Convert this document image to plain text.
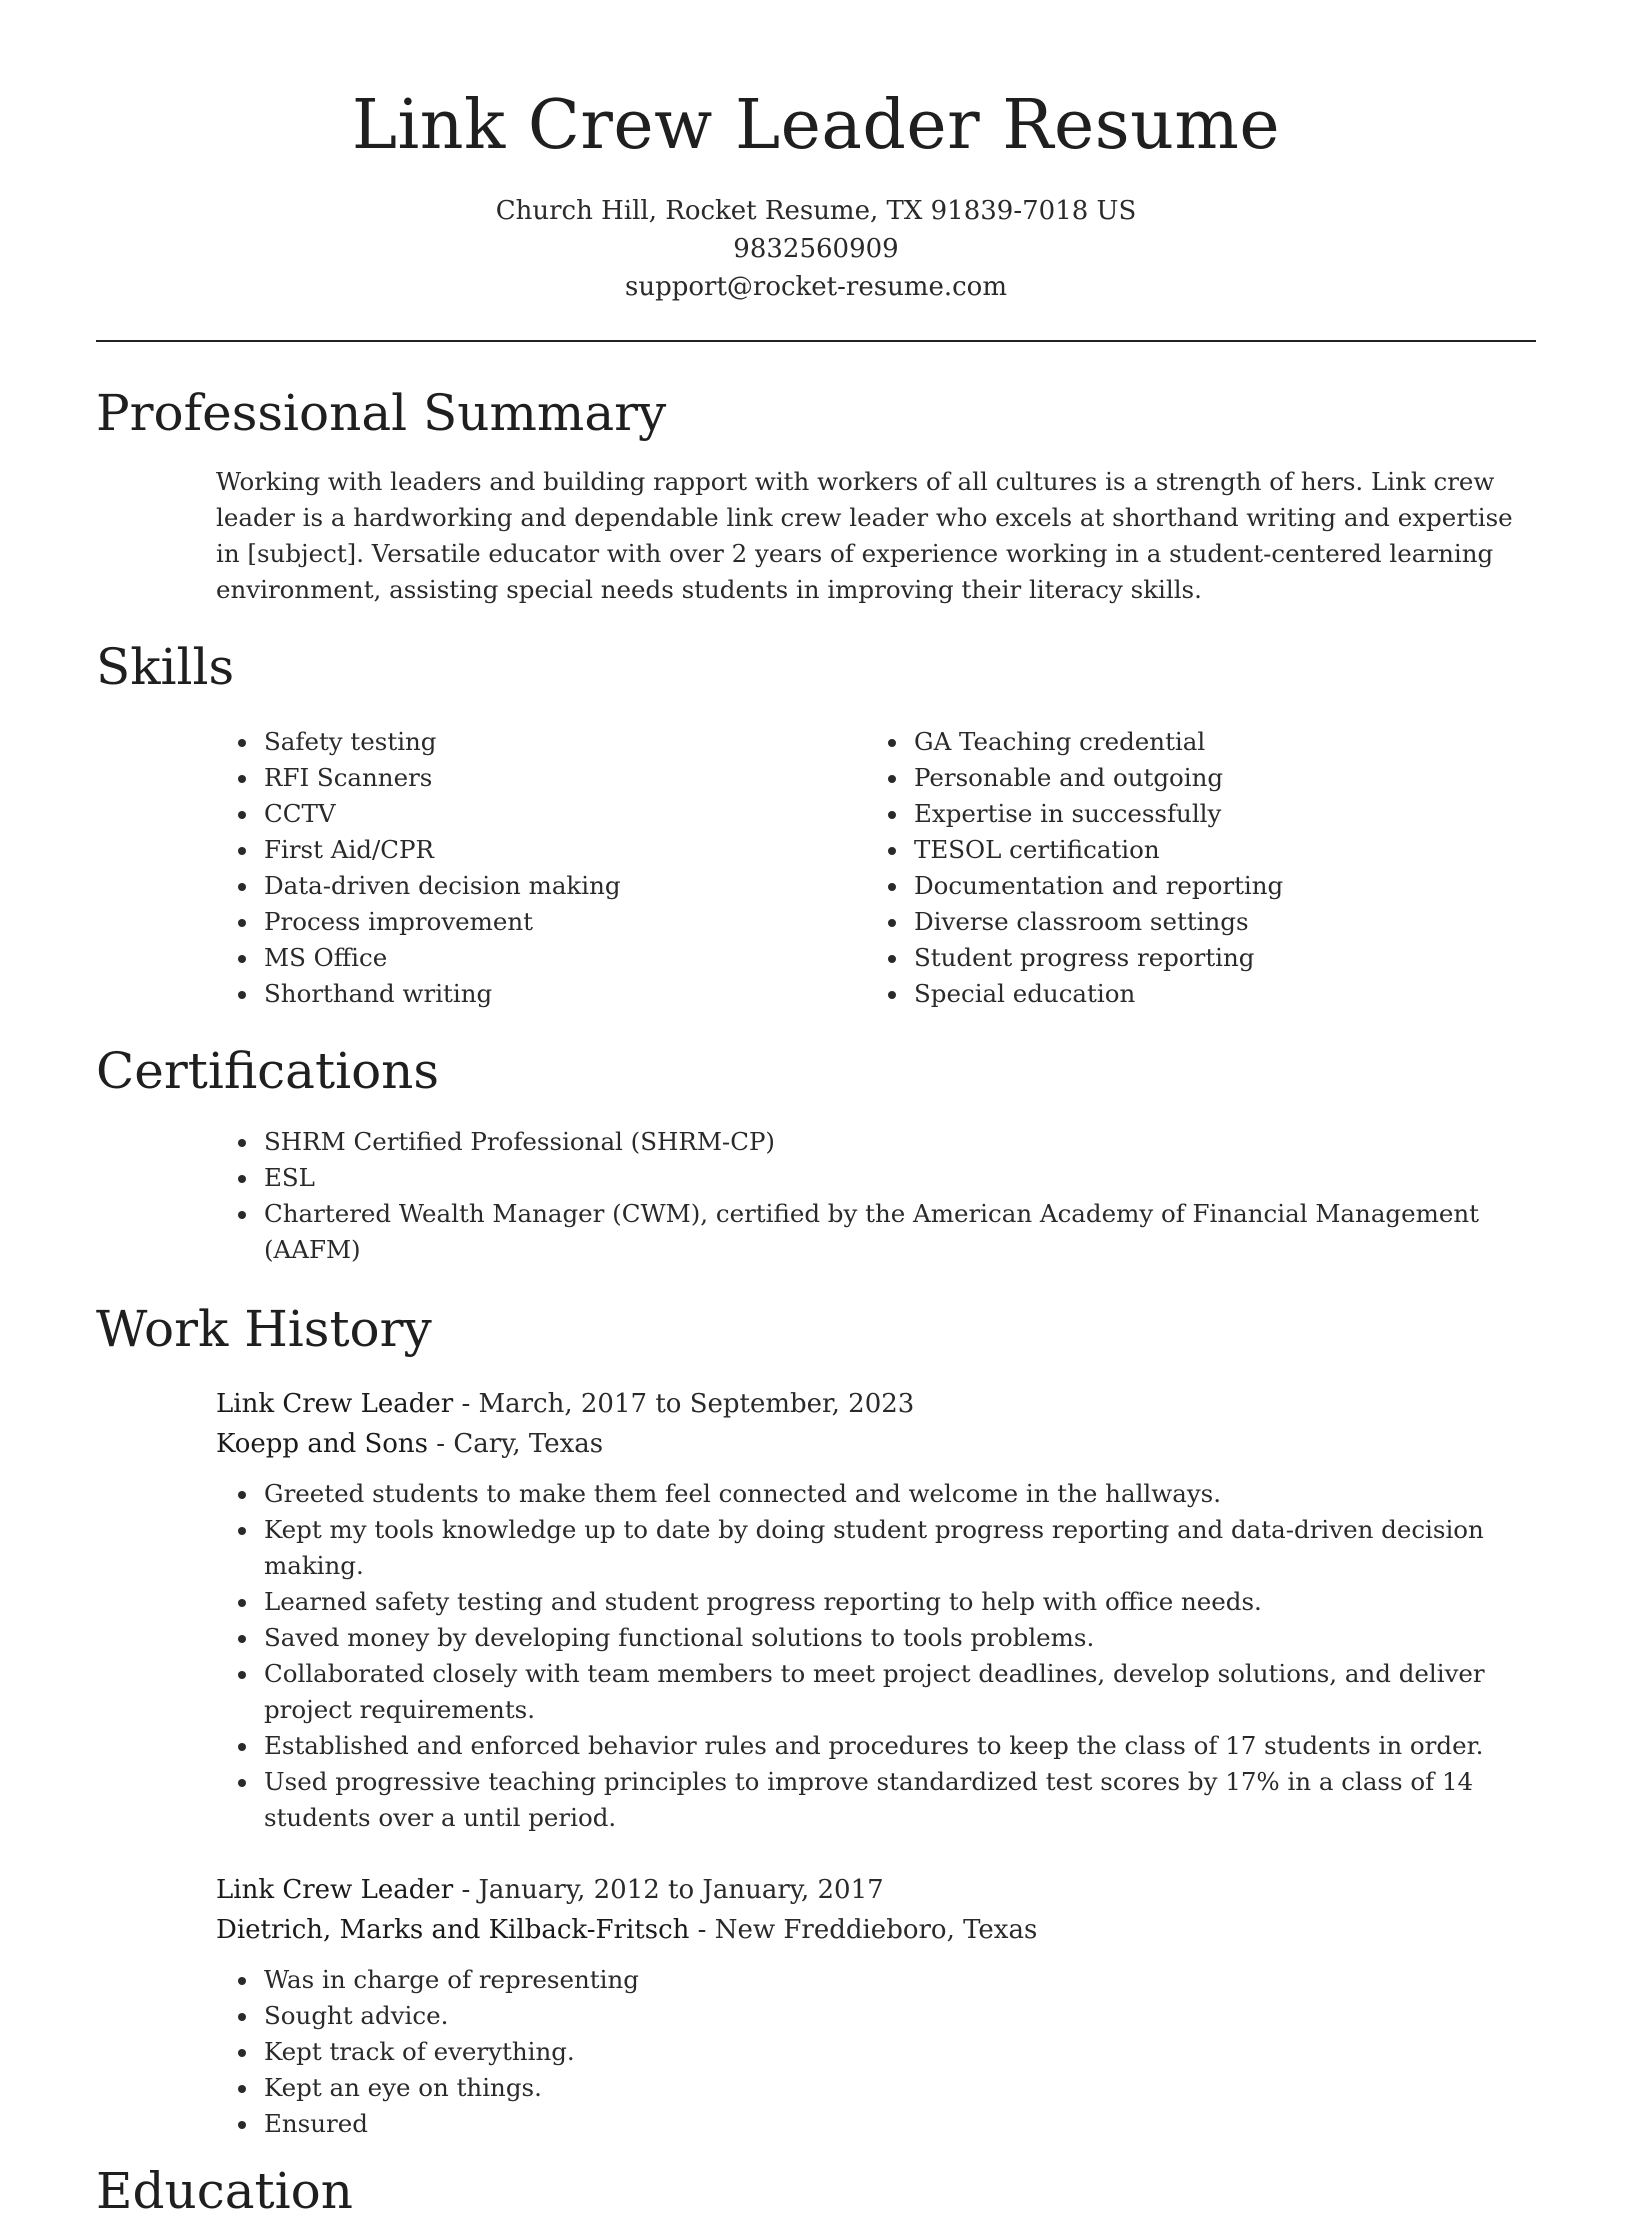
Link Crew Leader Resume
Church Hill, Rocket Resume, TX 91839-7018 US
9832560909
support@rocket-resume.com
Professional Summary

Working with leaders and building rapport with workers of all cultures is a strength of hers. Link crew leader is a hardworking and dependable link crew leader who excels at shorthand writing and expertise in [subject]. Versatile educator with over 2 years of experience working in a student-centered learning environment, assisting special needs students in improving their literacy skills.

Skills
• Safety testing
• RFI Scanners
• CCTV
• First Aid/CPR
• Data-driven decision making
• Process improvement
• MS Office
• Shorthand writing
• GA Teaching credential
• Personable and outgoing
• Expertise in successfully
• TESOL certification
• Documentation and reporting
• Diverse classroom settings
• Student progress reporting
• Special education
Certifications
• SHRM Certified Professional (SHRM-CP)
• ESL
• Chartered Wealth Manager (CWM), certified by the American Academy of Financial Management (AAFM)
Work History
Link Crew Leader - March, 2017 to September, 2023
Koepp and Sons - Cary, Texas
• Greeted students to make them feel connected and welcome in the hallways.
• Kept my tools knowledge up to date by doing student progress reporting and data-driven decision making.
• Learned safety testing and student progress reporting to help with office needs.
• Saved money by developing functional solutions to tools problems.
• Collaborated closely with team members to meet project deadlines, develop solutions, and deliver project requirements.
• Established and enforced behavior rules and procedures to keep the class of 17 students in order.
• Used progressive teaching principles to improve standardized test scores by 17% in a class of 14 students over a until period.
Link Crew Leader - January, 2012 to January, 2017
Dietrich, Marks and Kilback-Fritsch - New Freddieboro, Texas
• Was in charge of representing
• Sought advice.
• Kept track of everything.
• Kept an eye on things.
• Ensured
Education
